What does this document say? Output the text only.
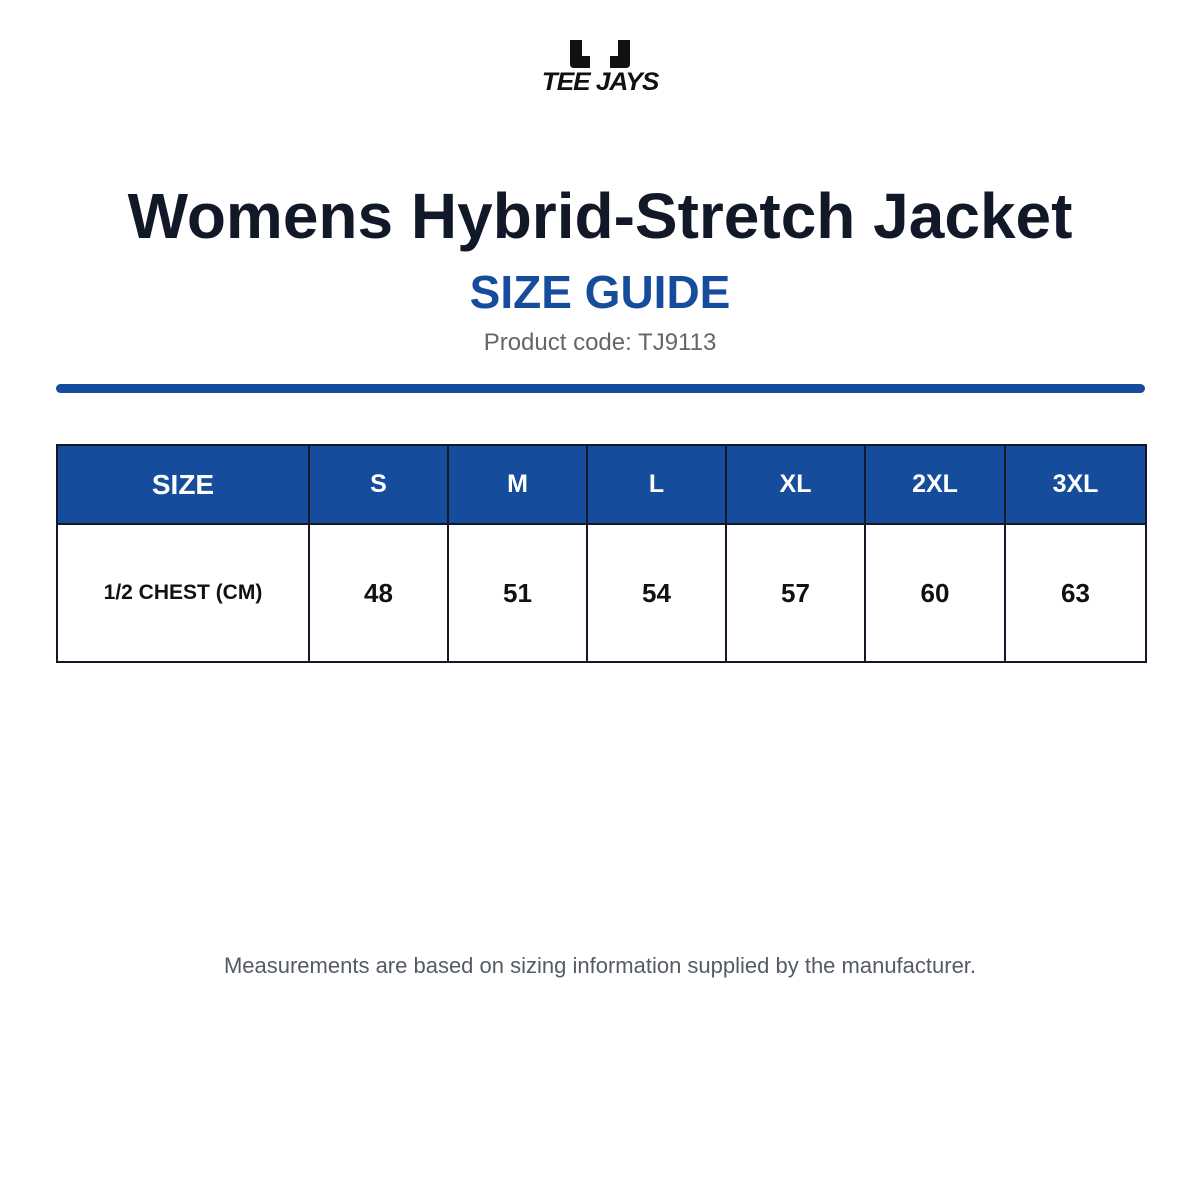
TEE JAYS
Womens Hybrid-Stretch Jacket
SIZE GUIDE
Product code: TJ9113
SIZE	S	M	L	XL	2XL	3XL
1/2 CHEST (CM)	48	51	54	57	60	63
Measurements are based on sizing information supplied by the manufacturer.
